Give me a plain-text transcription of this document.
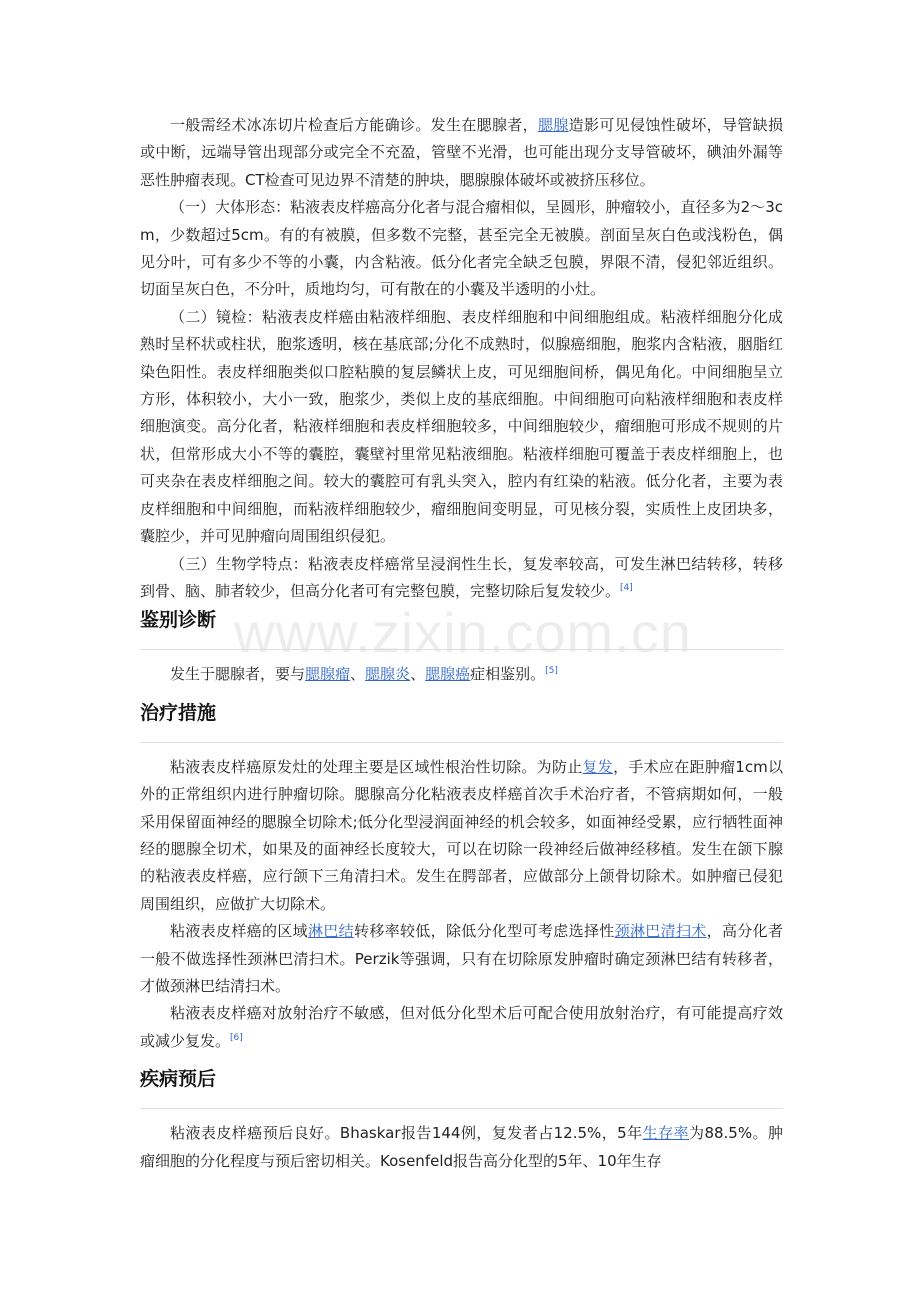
www.zixin.com.cn

一般需经术冰冻切片检查后方能确诊。发生在腮腺者，腮腺造影可见侵蚀性破坏，导管缺损或中断，远端导管出现部分或完全不充盈，管壁不光滑，也可能出现分支导管破坏，碘油外漏等恶性肿瘤表现。CT检查可见边界不清楚的肿块，腮腺腺体破坏或被挤压移位。

（一）大体形态：粘液表皮样癌高分化者与混合瘤相似，呈圆形，肿瘤较小，直径多为2～3cm，少数超过5cm。有的有被膜，但多数不完整，甚至完全无被膜。剖面呈灰白色或浅粉色，偶见分叶，可有多少不等的小囊，内含粘液。低分化者完全缺乏包膜，界限不清，侵犯邻近组织。切面呈灰白色，不分叶，质地均匀，可有散在的小囊及半透明的小灶。

（二）镜检：粘液表皮样癌由粘液样细胞、表皮样细胞和中间细胞组成。粘液样细胞分化成熟时呈杯状或柱状，胞浆透明，核在基底部;分化不成熟时，似腺癌细胞，胞浆内含粘液，胭脂红染色阳性。表皮样细胞类似口腔粘膜的复层鳞状上皮，可见细胞间桥，偶见角化。中间细胞呈立方形，体积较小，大小一致，胞浆少，类似上皮的基底细胞。中间细胞可向粘液样细胞和表皮样细胞演变。高分化者，粘液样细胞和表皮样细胞较多，中间细胞较少，瘤细胞可形成不规则的片状，但常形成大小不等的囊腔，囊壁衬里常见粘液细胞。粘液样细胞可覆盖于表皮样细胞上，也可夹杂在表皮样细胞之间。较大的囊腔可有乳头突入，腔内有红染的粘液。低分化者，主要为表皮样细胞和中间细胞，而粘液样细胞较少，瘤细胞间变明显，可见核分裂，实质性上皮团块多，囊腔少，并可见肿瘤向周围组织侵犯。

（三）生物学特点：粘液表皮样癌常呈浸润性生长，复发率较高，可发生淋巴结转移，转移到骨、脑、肺者较少，但高分化者可有完整包膜，完整切除后复发较少。[4]

鉴别诊断

发生于腮腺者，要与腮腺瘤、腮腺炎、腮腺癌症相鉴别。[5]

治疗措施

粘液表皮样癌原发灶的处理主要是区域性根治性切除。为防止复发，手术应在距肿瘤1cm以外的正常组织内进行肿瘤切除。腮腺高分化粘液表皮样癌首次手术治疗者，不管病期如何，一般采用保留面神经的腮腺全切除术;低分化型浸润面神经的机会较多，如面神经受累，应行牺牲面神经的腮腺全切术，如果及的面神经长度较大，可以在切除一段神经后做神经移植。发生在颌下腺的粘液表皮样癌，应行颌下三角清扫术。发生在腭部者，应做部分上颌骨切除术。如肿瘤已侵犯周围组织，应做扩大切除术。

粘液表皮样癌的区域淋巴结转移率较低，除低分化型可考虑选择性颈淋巴清扫术，高分化者一般不做选择性颈淋巴清扫术。Perzik等强调，只有在切除原发肿瘤时确定颈淋巴结有转移者，才做颈淋巴结清扫术。

粘液表皮样癌对放射治疗不敏感，但对低分化型术后可配合使用放射治疗，有可能提高疗效或减少复发。[6]

疾病预后

粘液表皮样癌预后良好。Bhaskar报告144例，复发者占12.5%，5年生存率为88.5%。肿瘤细胞的分化程度与预后密切相关。Kosenfeld报告高分化型的5年、10年生存
